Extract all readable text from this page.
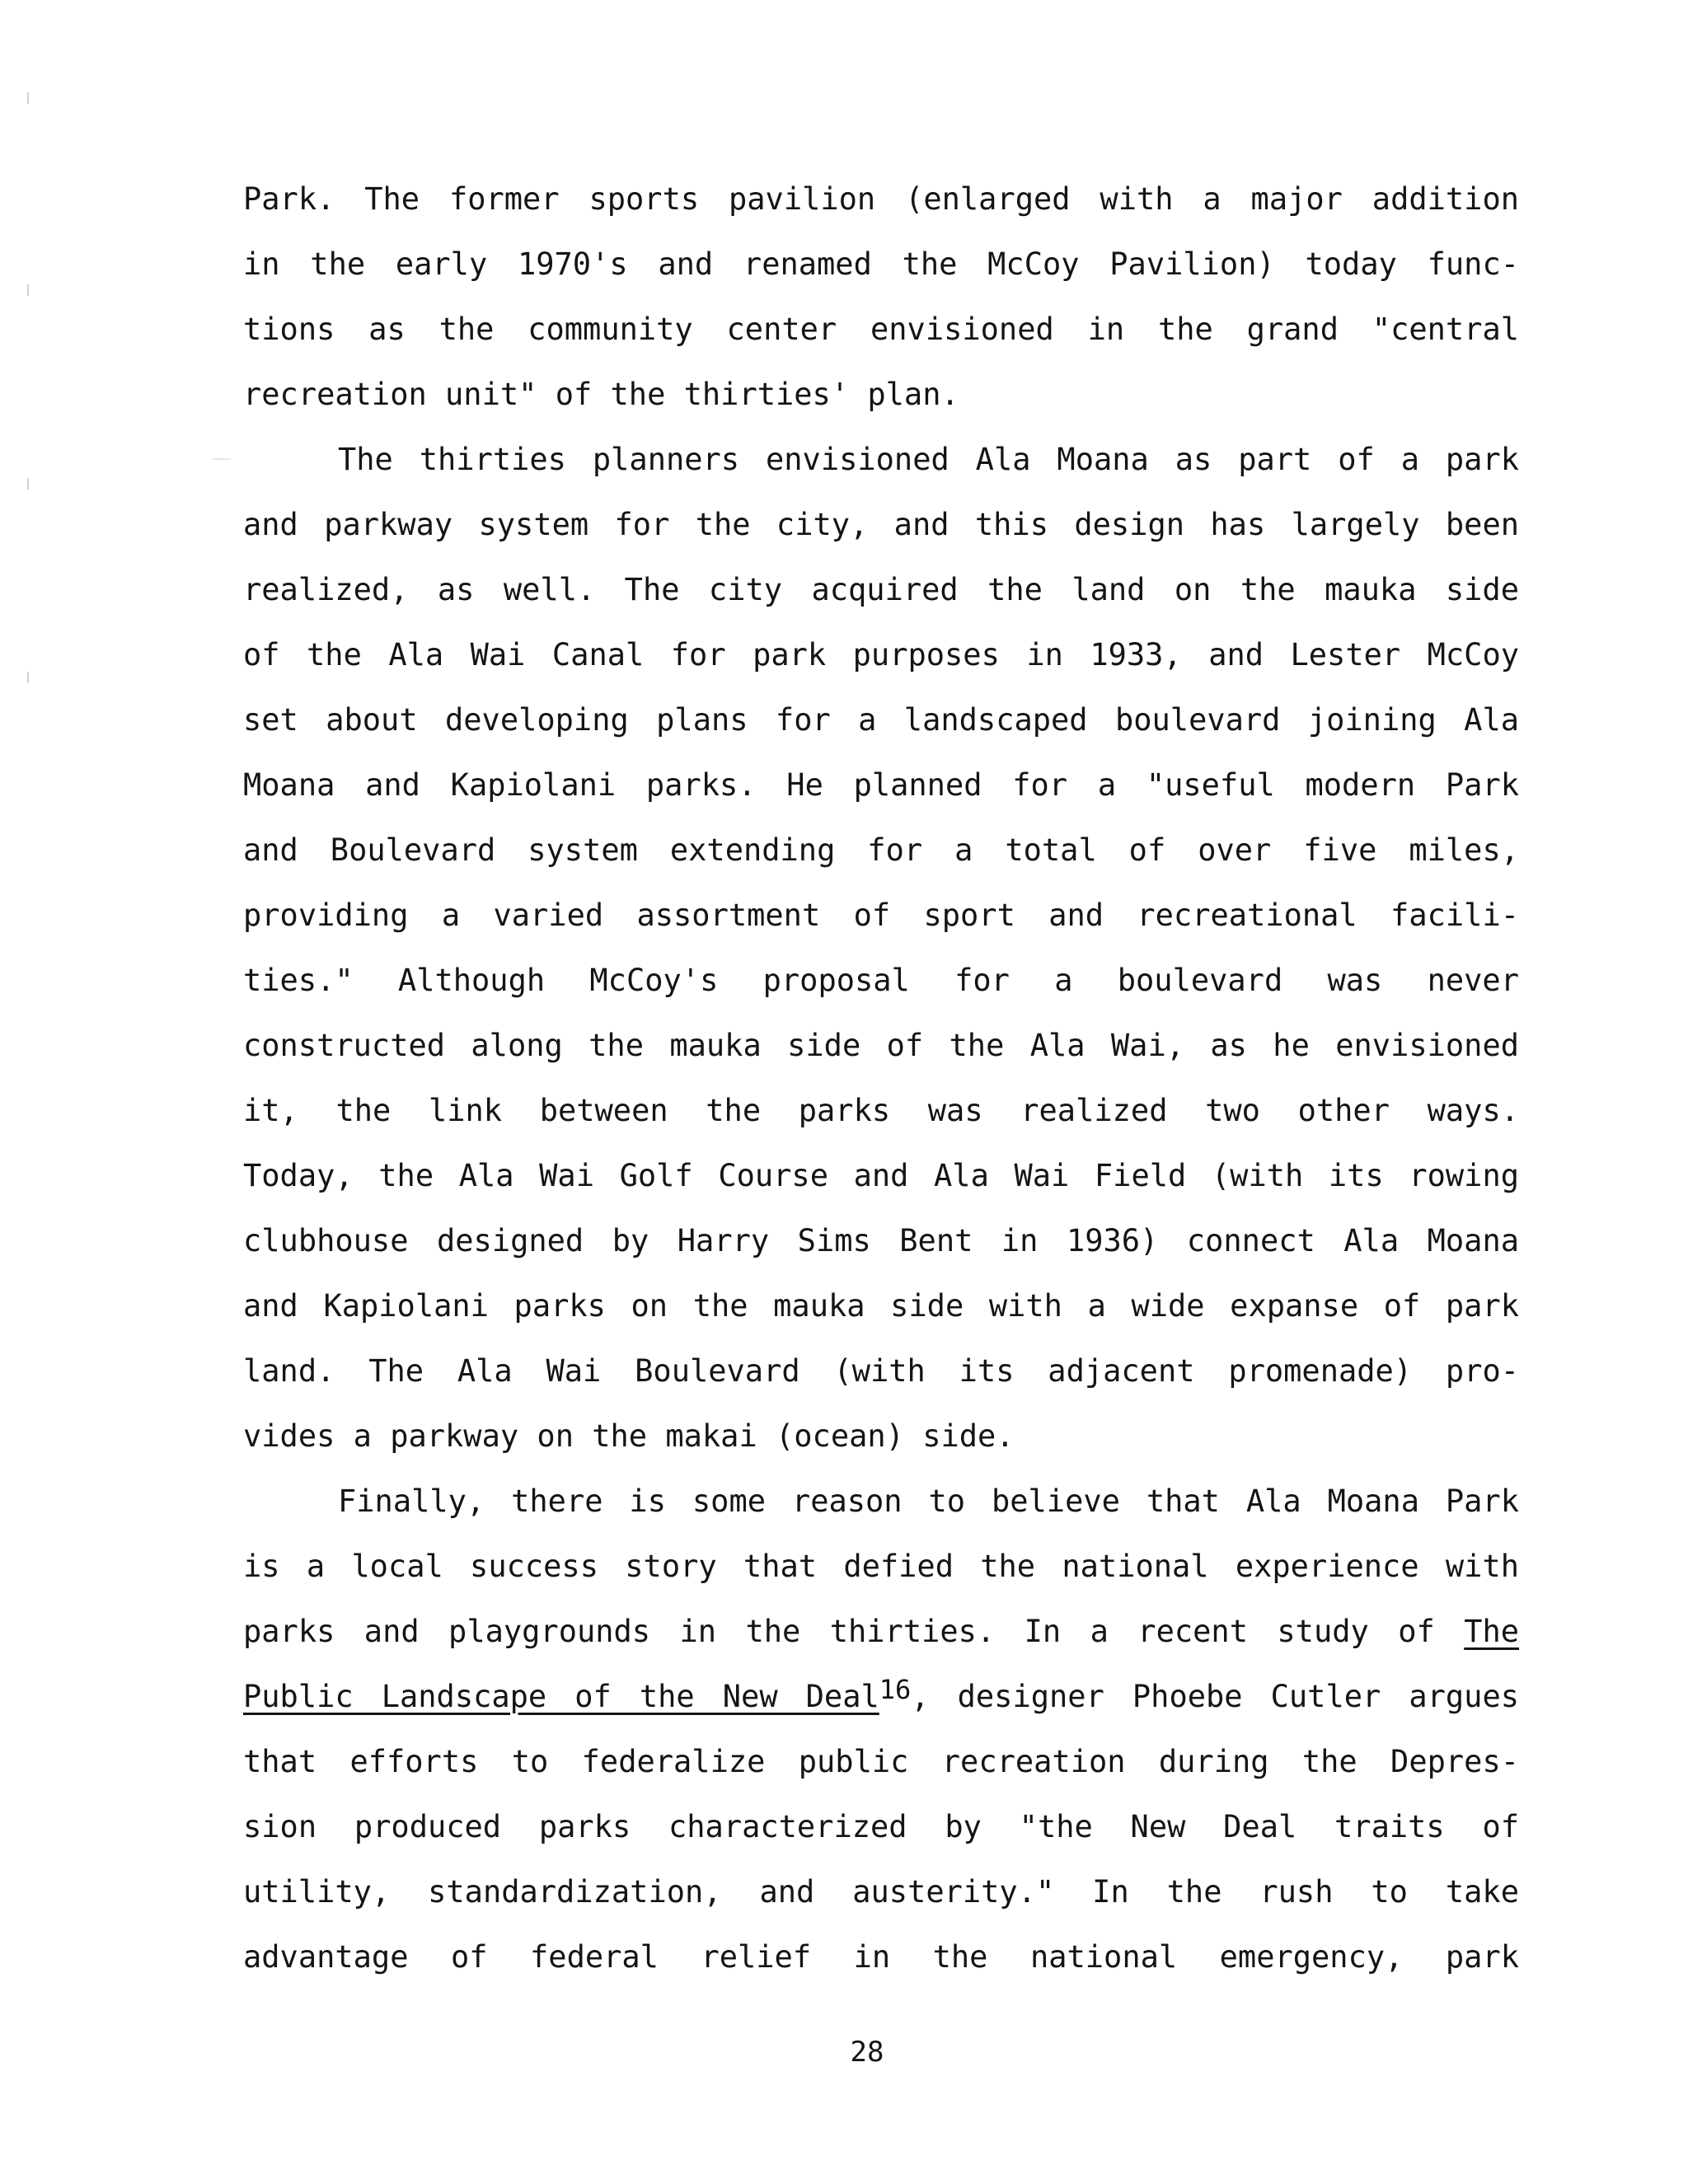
Park. The former sports pavilion (enlarged with a major addition
in the early 1970's and renamed the McCoy Pavilion) today func-
tions as the community center envisioned in the grand "central
recreation unit" of the thirties' plan.
The thirties planners envisioned Ala Moana as part of a park
and parkway system for the city, and this design has largely been
realized, as well. The city acquired the land on the mauka side
of the Ala Wai Canal for park purposes in 1933, and Lester McCoy
set about developing plans for a landscaped boulevard joining Ala
Moana and Kapiolani parks. He planned for a "useful modern Park
and Boulevard system extending for a total of over five miles,
providing a varied assortment of sport and recreational facili-
ties." Although McCoy's proposal for a boulevard was never
constructed along the mauka side of the Ala Wai, as he envisioned
it, the link between the parks was realized two other ways.
Today, the Ala Wai Golf Course and Ala Wai Field (with its rowing
clubhouse designed by Harry Sims Bent in 1936) connect Ala Moana
and Kapiolani parks on the mauka side with a wide expanse of park
land. The Ala Wai Boulevard (with its adjacent promenade) pro-
vides a parkway on the makai (ocean) side.
Finally, there is some reason to believe that Ala Moana Park
is a local success story that defied the national experience with
parks and playgrounds in the thirties. In a recent study of The
Public Landscape of the New Deal$^{16}$, designer Phoebe Cutler argues
that efforts to federalize public recreation during the Depres-
sion produced parks characterized by "the New Deal traits of
utility, standardization, and austerity." In the rush to take
advantage of federal relief in the national emergency, park
28
